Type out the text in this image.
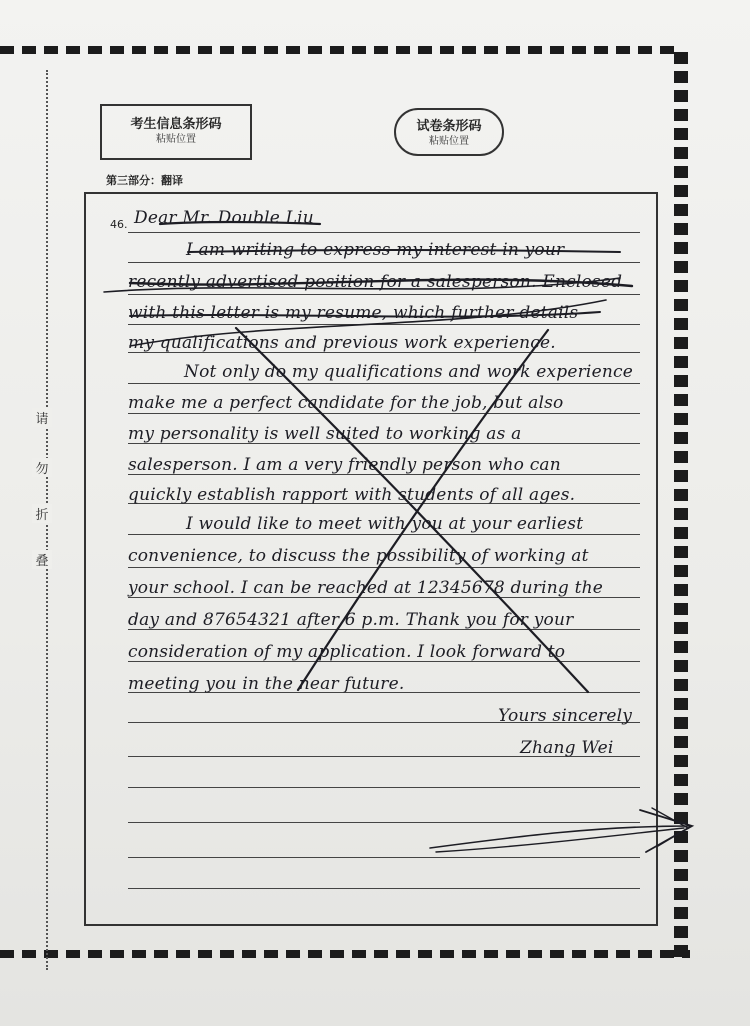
请
勿
折
叠
考生信息条形码
粘贴位置
试卷条形码
粘贴位置
第三部分：翻译
46. Dear Mr. Double Liu
I am writing to express my interest in your
recently advertised position for a salesperson. Enclosed
with this letter is my resume, which further details
my qualifications and previous work experience.
Not only do my qualifications and work experience
make me a perfect candidate for the job, but also
my personality is well suited to working as a
salesperson. I am a very friendly person who can
quickly establish rapport with students of all ages.
I would like to meet with you at your earliest
convenience, to discuss the possibility of working at
your school. I can be reached at 12345678 during the
day and 87654321 after 6 p.m. Thank you for your
consideration of my application. I look forward to
meeting you in the near future.
Yours sincerely
Zhang Wei
